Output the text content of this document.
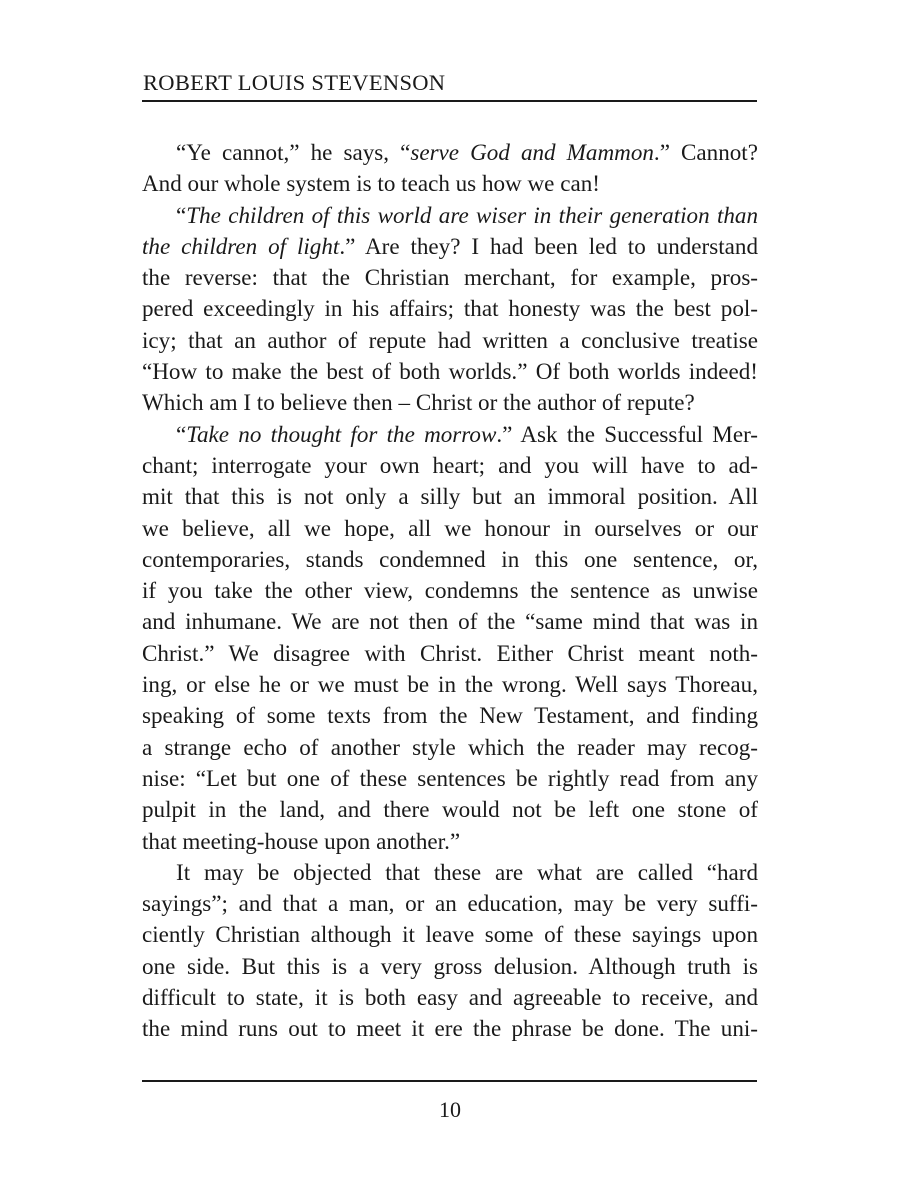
ROBERT LOUIS STEVENSON
“Ye cannot,” he says, “serve God and Mammon.” Cannot?
And our whole system is to teach us how we can!
“The children of this world are wiser in their generation than
the children of light.” Are they? I had been led to understand
the reverse: that the Christian merchant, for example, pros-
pered exceedingly in his affairs; that honesty was the best pol-
icy; that an author of repute had written a conclusive treatise
“How to make the best of both worlds.” Of both worlds indeed!
Which am I to believe then – Christ or the author of repute?
“Take no thought for the morrow.” Ask the Successful Mer-
chant; interrogate your own heart; and you will have to ad-
mit that this is not only a silly but an immoral position. All
we believe, all we hope, all we honour in ourselves or our
contemporaries, stands condemned in this one sentence, or,
if you take the other view, condemns the sentence as unwise
and inhumane. We are not then of the “same mind that was in
Christ.” We disagree with Christ. Either Christ meant noth-
ing, or else he or we must be in the wrong. Well says Thoreau,
speaking of some texts from the New Testament, and finding
a strange echo of another style which the reader may recog-
nise: “Let but one of these sentences be rightly read from any
pulpit in the land, and there would not be left one stone of
that meeting-house upon another.”
It may be objected that these are what are called “hard
sayings”; and that a man, or an education, may be very suffi-
ciently Christian although it leave some of these sayings upon
one side. But this is a very gross delusion. Although truth is
difficult to state, it is both easy and agreeable to receive, and
the mind runs out to meet it ere the phrase be done. The uni-
10
